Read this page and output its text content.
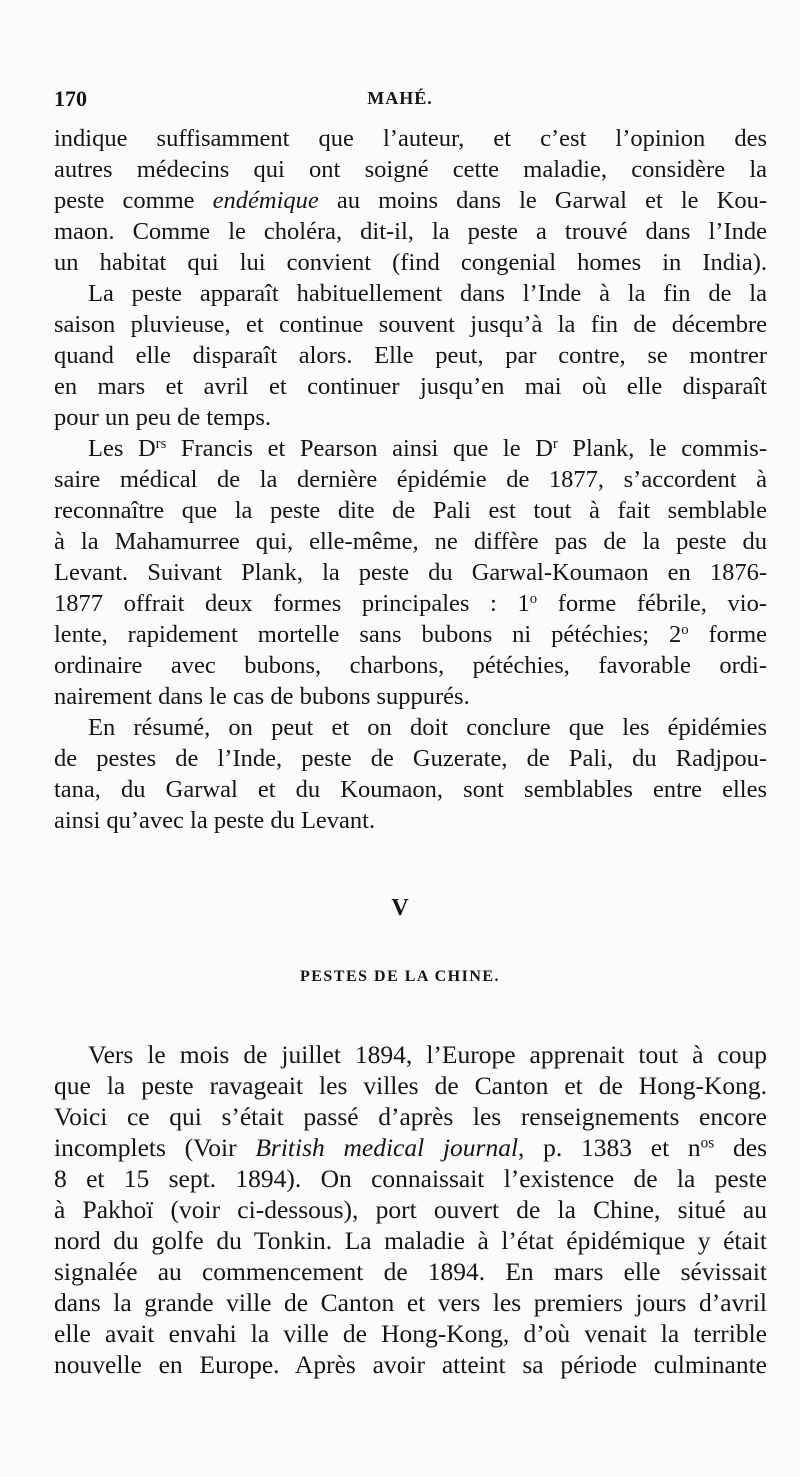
170	MAHÉ.
indique suffisamment que l’auteur, et c’est l’opinion des
autres médecins qui ont soigné cette maladie, considère la
peste comme endémique au moins dans le Garwal et le Kou-
maon. Comme le choléra, dit-il, la peste a trouvé dans l’Inde
un habitat qui lui convient (find congenial homes in India).
La peste apparaît habituellement dans l’Inde à la fin de la
saison pluvieuse, et continue souvent jusqu’à la fin de décembre
quand elle disparaît alors. Elle peut, par contre, se montrer
en mars et avril et continuer jusqu’en mai où elle disparaît
pour un peu de temps.
Les $D^{rs}$ Francis et Pearson ainsi que le $D^r$ Plank, le commis-
saire médical de la dernière épidémie de 1877, s’accordent à
reconnaître que la peste dite de Pali est tout à fait semblable
à la Mahamurree qui, elle-même, ne diffère pas de la peste du
Levant. Suivant Plank, la peste du Garwal-Koumaon en 1876-
1877 offrait deux formes principales : 1$^o$ forme fébrile, vio-
lente, rapidement mortelle sans bubons ni pétéchies; 2$^o$ forme
ordinaire avec bubons, charbons, pétéchies, favorable ordi-
nairement dans le cas de bubons suppurés.
En résumé, on peut et on doit conclure que les épidémies
de pestes de l’Inde, peste de Guzerate, de Pali, du Radjpou-
tana, du Garwal et du Koumaon, sont semblables entre elles
ainsi qu’avec la peste du Levant.
V
PESTES DE LA CHINE.
Vers le mois de juillet 1894, l’Europe apprenait tout à coup
que la peste ravageait les villes de Canton et de Hong-Kong.
Voici ce qui s’était passé d’après les renseignements encore
incomplets (Voir British medical journal, p. 1383 et $n^{os}$ des
8 et 15 sept. 1894). On connaissait l’existence de la peste
à Pakhoï (voir ci-dessous), port ouvert de la Chine, situé au
nord du golfe du Tonkin. La maladie à l’état épidémique y était
signalée au commencement de 1894. En mars elle sévissait
dans la grande ville de Canton et vers les premiers jours d’avril
elle avait envahi la ville de Hong-Kong, d’où venait la terrible
nouvelle en Europe. Après avoir atteint sa période culminante
